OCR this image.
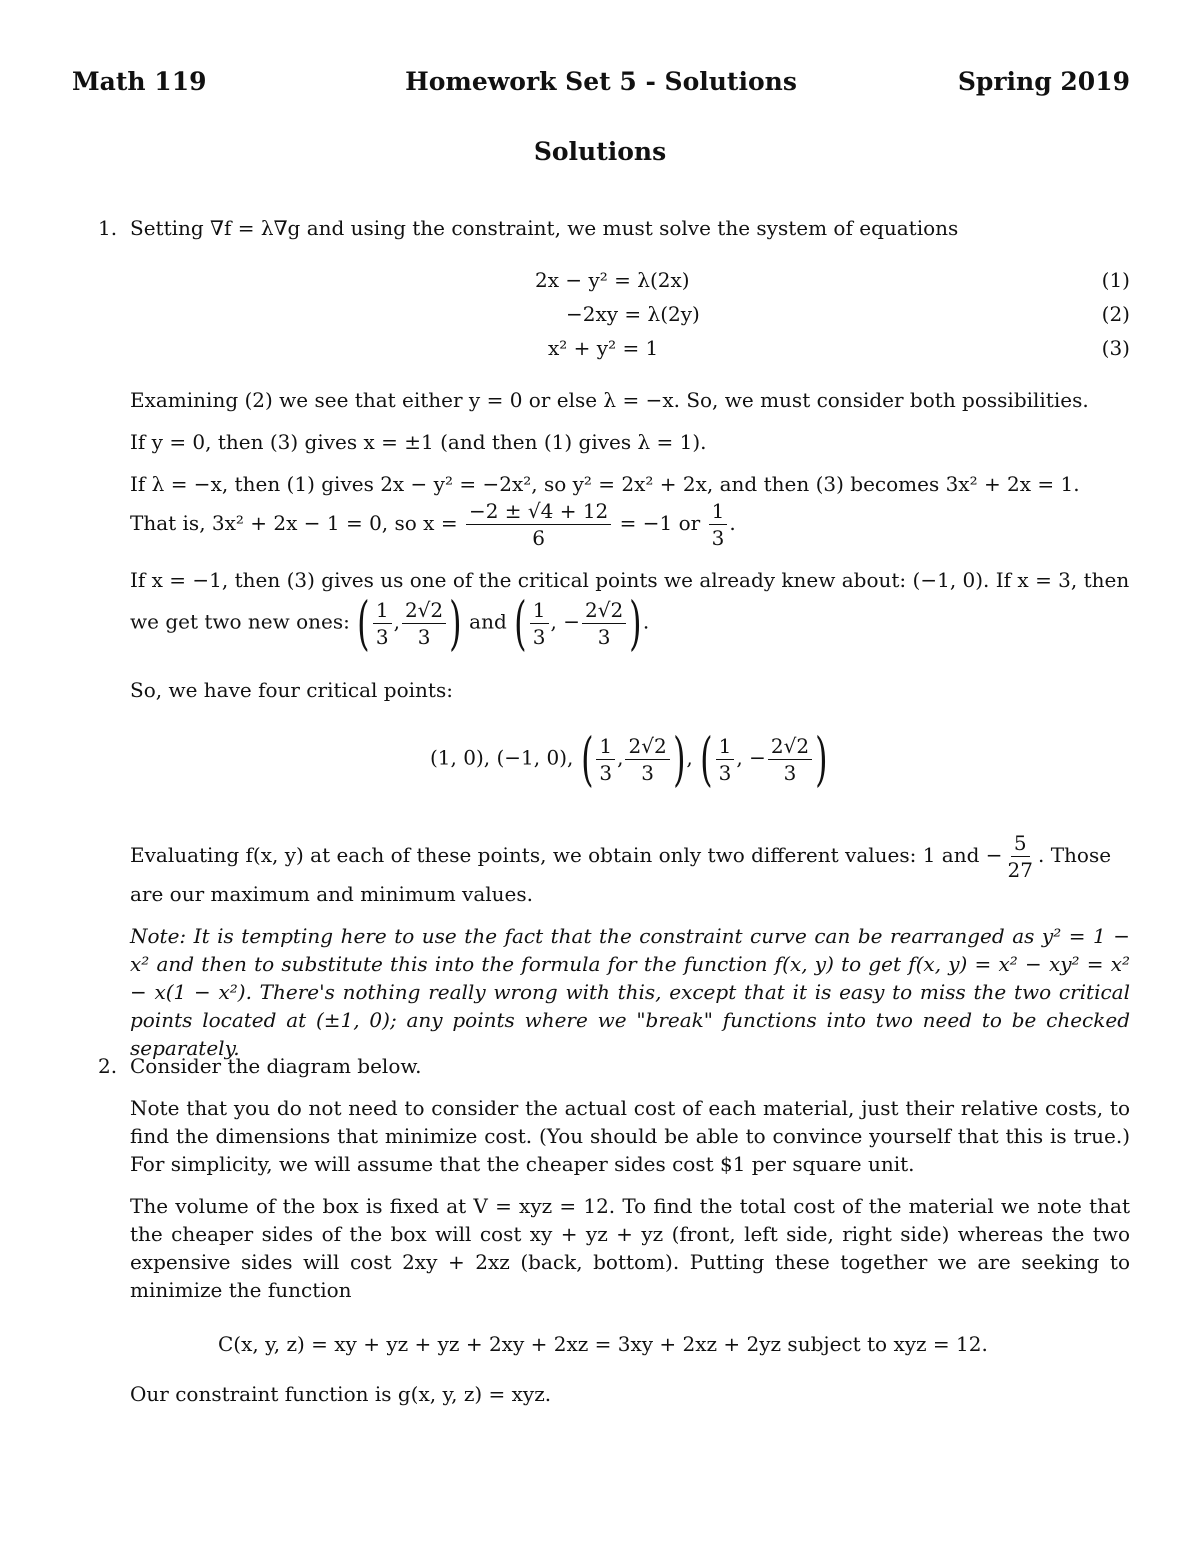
Math 119	Homework Set 5 - Solutions	Spring 2019
Solutions
1. Setting ∇f = λ∇g and using the constraint, we must solve the system of equations
2x − y² = λ(2x)	(1)
−2xy = λ(2y)	(2)
x² + y² = 1	(3)
Examining (2) we see that either y = 0 or else λ = −x. So, we must consider both possibilities.
If y = 0, then (3) gives x = ±1 (and then (1) gives λ = 1).
If λ = −x, then (1) gives 2x − y² = −2x², so y² = 2x² + 2x, and then (3) becomes 3x² + 2x = 1.
That is, 3x² + 2x − 1 = 0, so $x = \frac{-2 \pm √4 + 12}{6} = -1$ or $\frac{1}{3}$ .
If x = −1, then (3) gives us one of the critical points we already knew about: (−1, 0). If x = 3, then
we get two new ones: ( $\frac{1}{3}$ , $\frac{2√2}{3}$ ) and ( $\frac{1}{3}$ , − $\frac{2√2}{3}$ ).
So, we have four critical points:
(1, 0), (−1, 0), ( $\frac{1}{3}$ , $\frac{2√2}{3}$ ), ( $\frac{1}{3}$ , − $\frac{2√2}{3}$ )
Evaluating f(x, y) at each of these points, we obtain only two different values: 1 and − $\frac{5}{27}$ . Those
are our maximum and minimum values.
Note: It is tempting here to use the fact that the constraint curve can be rearranged as y² = 1 − x² and then to substitute this into the formula for the function f(x, y) to get f(x, y) = x² − xy² = x² − x(1 − x²). There's nothing really wrong with this, except that it is easy to miss the two critical points located at (±1, 0); any points where we "break" functions into two need to be checked separately.
2. Consider the diagram below.
Note that you do not need to consider the actual cost of each material, just their relative costs, to find the dimensions that minimize cost. (You should be able to convince yourself that this is true.) For simplicity, we will assume that the cheaper sides cost $1 per square unit.
The volume of the box is fixed at V = xyz = 12. To find the total cost of the material we note that the cheaper sides of the box will cost xy + yz + yz (front, left side, right side) whereas the two expensive sides will cost 2xy + 2xz (back, bottom). Putting these together we are seeking to minimize the function
C(x, y, z) = xy + yz + yz + 2xy + 2xz = 3xy + 2xz + 2yz subject to xyz = 12.
Our constraint function is g(x, y, z) = xyz.
